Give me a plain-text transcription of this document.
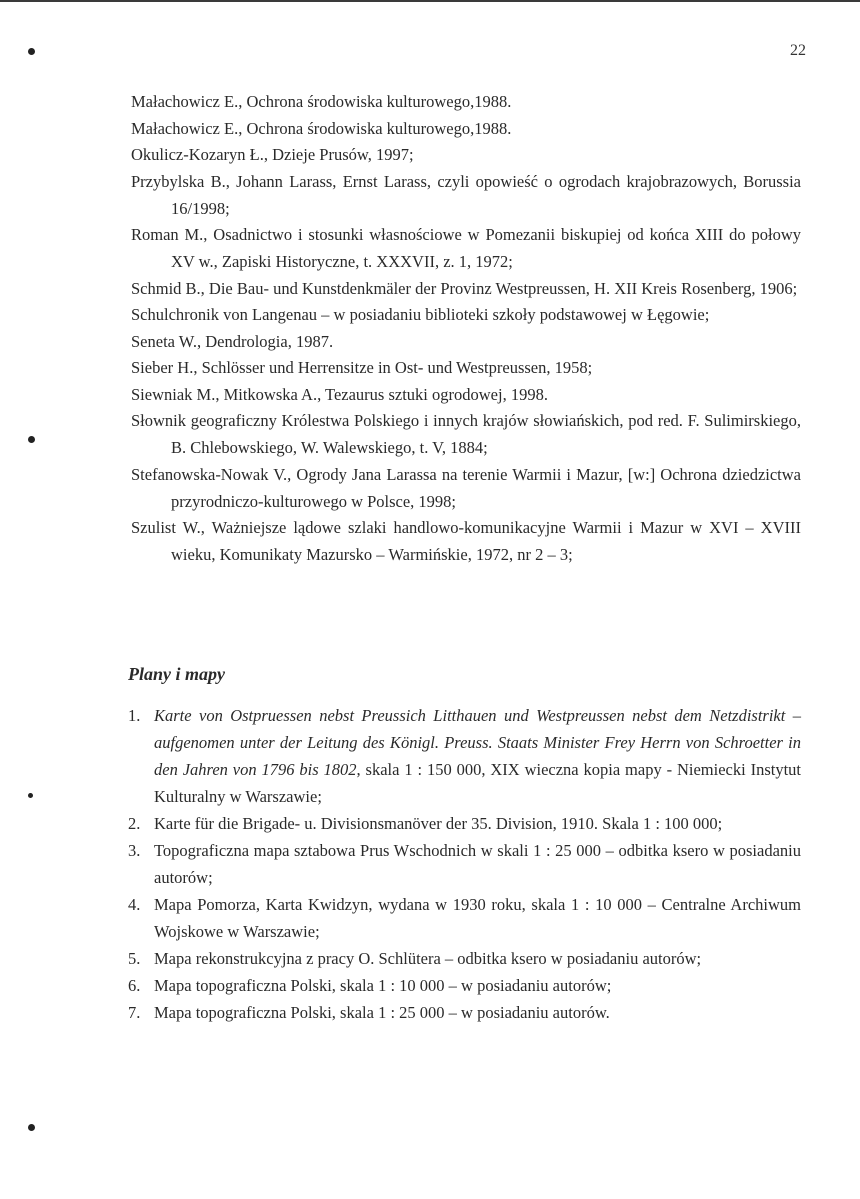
22
Małachowicz E., Ochrona środowiska kulturowego,1988.
Małachowicz E., Ochrona środowiska kulturowego,1988.
Okulicz-Kozaryn Ł., Dzieje Prusów, 1997;
Przybylska B., Johann Larass, Ernst Larass, czyli opowieść o ogrodach krajobrazowych, Borussia 16/1998;
Roman M., Osadnictwo i stosunki własnościowe w Pomezanii biskupiej od końca XIII do połowy XV w., Zapiski Historyczne, t. XXXVII, z. 1, 1972;
Schmid B., Die Bau- und Kunstdenkmäler der Provinz Westpreussen, H. XII Kreis Rosenberg, 1906;
Schulchronik von Langenau – w posiadaniu biblioteki szkoły podstawowej w Łęgowie;
Seneta W., Dendrologia, 1987.
Sieber H., Schlösser und Herrensitze in Ost- und Westpreussen, 1958;
Siewniak M., Mitkowska A., Tezaurus sztuki ogrodowej, 1998.
Słownik geograficzny Królestwa Polskiego i innych krajów słowiańskich, pod red. F. Sulimirskiego, B. Chlebowskiego, W. Walewskiego, t. V, 1884;
Stefanowska-Nowak V., Ogrody Jana Larassa na terenie Warmii i Mazur, [w:] Ochrona dziedzictwa przyrodniczo-kulturowego w Polsce, 1998;
Szulist W., Ważniejsze lądowe szlaki handlowo-komunikacyjne Warmii i Mazur w XVI – XVIII wieku, Komunikaty Mazursko – Warmińskie, 1972, nr 2 – 3;
Plany i mapy
1. Karte von Ostpruessen nebst Preussich Litthauen und Westpreussen nebst dem Netzdistrikt – aufgenomen unter der Leitung des Königl. Preuss. Staats Minister Frey Herrn von Schroetter in den Jahren von 1796 bis 1802, skala 1 : 150 000, XIX wieczna kopia mapy - Niemiecki Instytut Kulturalny w Warszawie;
2. Karte für die Brigade- u. Divisionsmanöver der 35. Division, 1910. Skala 1 : 100 000;
3. Topograficzna mapa sztabowa Prus Wschodnich w skali 1 : 25 000 – odbitka ksero w posiadaniu autorów;
4. Mapa Pomorza, Karta Kwidzyn, wydana w 1930 roku, skala 1 : 10 000 – Centralne Archiwum Wojskowe w Warszawie;
5. Mapa rekonstrukcyjna z pracy O. Schlütera – odbitka ksero w posiadaniu autorów;
6. Mapa topograficzna Polski, skala 1 : 10 000 – w posiadaniu autorów;
7. Mapa topograficzna Polski, skala 1 : 25 000 – w posiadaniu autorów.
